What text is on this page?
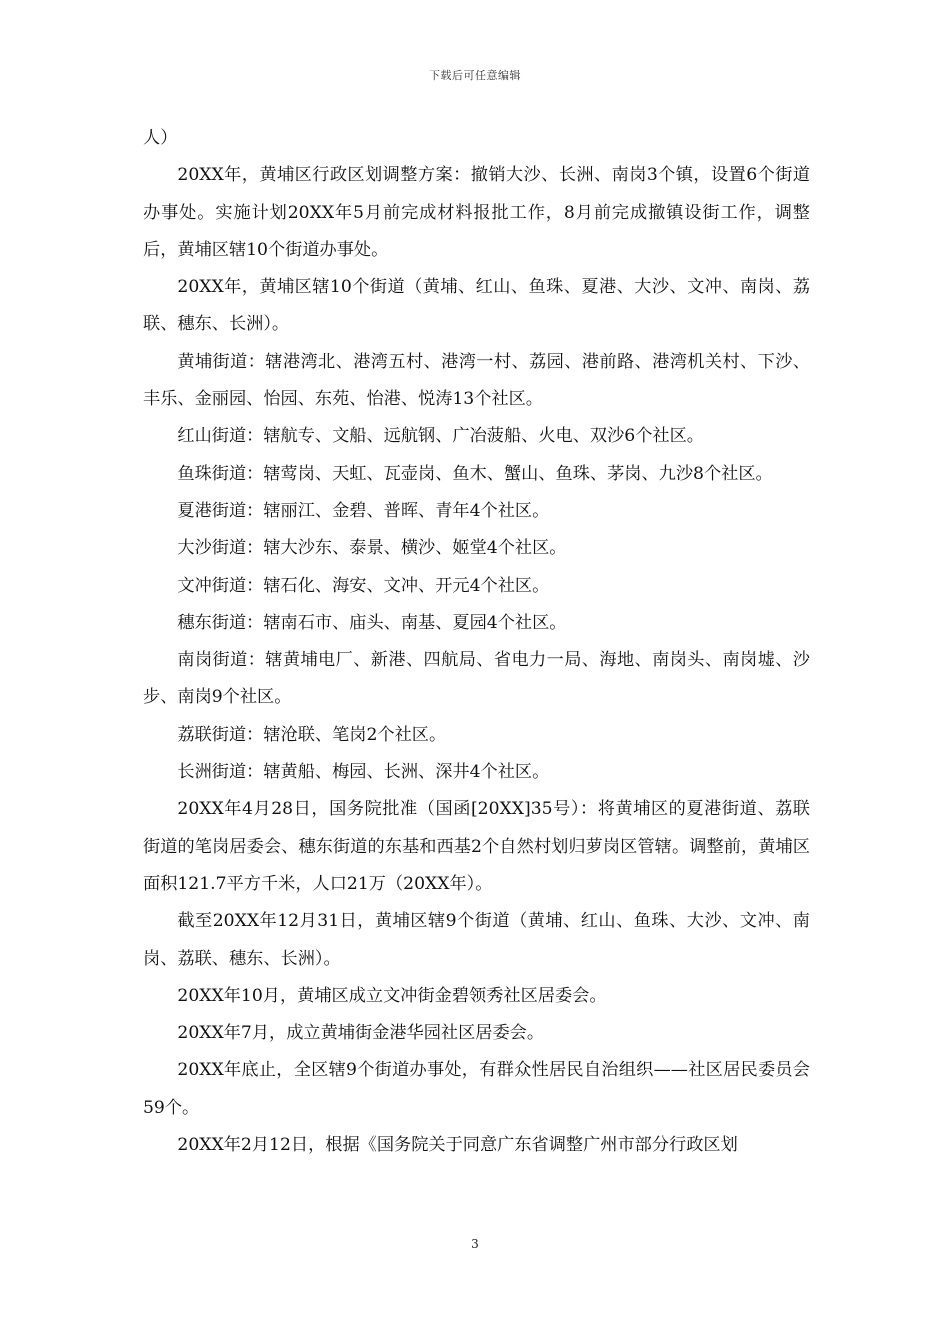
下载后可任意编辑

人）

20XX年，黄埔区行政区划调整方案：撤销大沙、长洲、南岗3个镇，设置6个街道办事处。实施计划20XX年5月前完成材料报批工作，8月前完成撤镇设街工作，调整后，黄埔区辖10个街道办事处。

20XX年，黄埔区辖10个街道（黄埔、红山、鱼珠、夏港、大沙、文冲、南岗、荔联、穗东、长洲）。

黄埔街道：辖港湾北、港湾五村、港湾一村、荔园、港前路、港湾机关村、下沙、丰乐、金丽园、怡园、东苑、怡港、悦涛13个社区。

红山街道：辖航专、文船、远航钢、广冶菠船、火电、双沙6个社区。

鱼珠街道：辖莺岗、天虹、瓦壶岗、鱼木、蟹山、鱼珠、茅岗、九沙8个社区。

夏港街道：辖丽江、金碧、普晖、青年4个社区。

大沙街道：辖大沙东、泰景、横沙、姬堂4个社区。

文冲街道：辖石化、海安、文冲、开元4个社区。

穗东街道：辖南石市、庙头、南基、夏园4个社区。

南岗街道：辖黄埔电厂、新港、四航局、省电力一局、海地、南岗头、南岗墟、沙步、南岗9个社区。

荔联街道：辖沧联、笔岗2个社区。

长洲街道：辖黄船、梅园、长洲、深井4个社区。

20XX年4月28日，国务院批准（国函[20XX]35号）：将黄埔区的夏港街道、荔联街道的笔岗居委会、穗东街道的东基和西基2个自然村划归萝岗区管辖。调整前，黄埔区面积121.7平方千米，人口21万（20XX年）。

截至20XX年12月31日，黄埔区辖9个街道（黄埔、红山、鱼珠、大沙、文冲、南岗、荔联、穗东、长洲）。

20XX年10月，黄埔区成立文冲街金碧领秀社区居委会。

20XX年7月，成立黄埔街金港华园社区居委会。

20XX年底止，全区辖9个街道办事处，有群众性居民自治组织——社区居民委员会59个。

20XX年2月12日，根据《国务院关于同意广东省调整广州市部分行政区划

3
